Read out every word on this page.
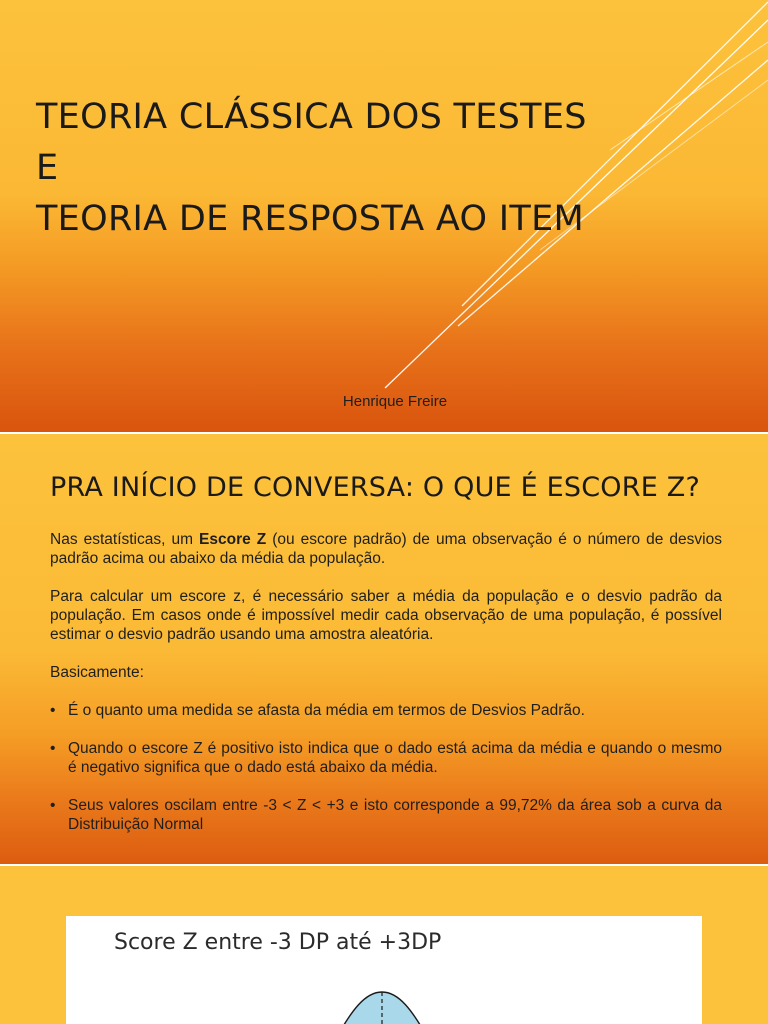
TEORIA CLÁSSICA DOS TESTES
E
TEORIA DE RESPOSTA AO ITEM
Henrique Freire
PRA INÍCIO DE CONVERSA: O QUE É ESCORE Z?

Nas estatísticas, um Escore Z (ou escore padrão) de uma observação é o número de desvios padrão acima ou abaixo da média da população.

Para calcular um escore z, é necessário saber a média da população e o desvio padrão da população. Em casos onde é impossível medir cada observação de uma população, é possível estimar o desvio padrão usando uma amostra aleatória.

Basicamente:

• É o quanto uma medida se afasta da média em termos de Desvios Padrão.
• Quando o escore Z é positivo isto indica que o dado está acima da média e quando o mesmo é negativo significa que o dado está abaixo da média.
• Seus valores oscilam entre -3 < Z < +3 e isto corresponde a 99,72% da área sob a curva da Distribuição Normal
Score Z entre -3 DP até +3DP
